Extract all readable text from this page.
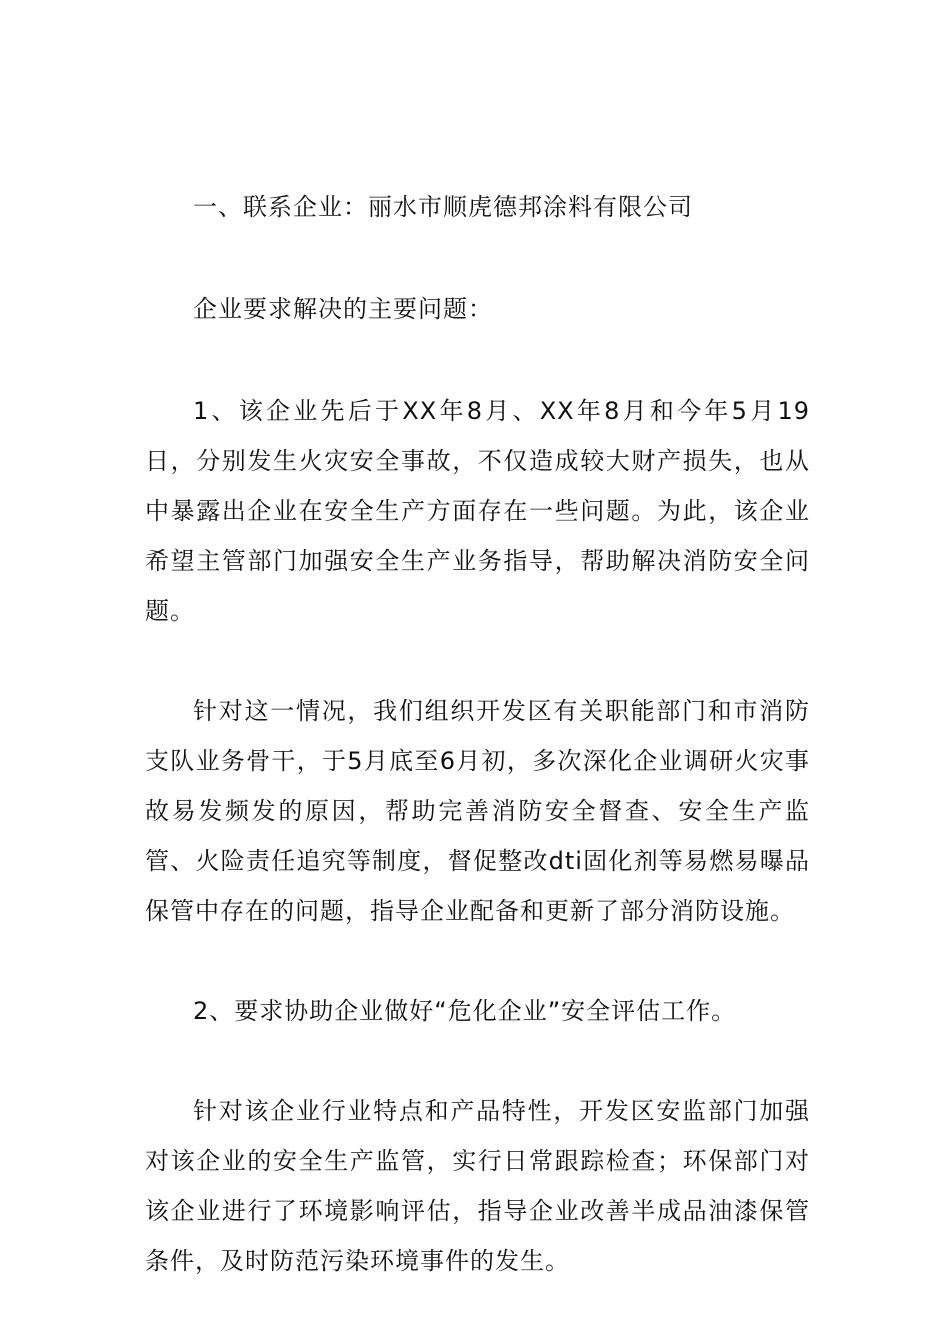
一、联系企业：丽水市顺虎德邦涂料有限公司

企业要求解决的主要问题：

1、该企业先后于XX年8月、XX年8月和今年5月19日，分别发生火灾安全事故，不仅造成较大财产损失，也从中暴露出企业在安全生产方面存在一些问题。为此，该企业希望主管部门加强安全生产业务指导，帮助解决消防安全问题。

针对这一情况，我们组织开发区有关职能部门和市消防支队业务骨干，于5月底至6月初，多次深化企业调研火灾事故易发频发的原因，帮助完善消防安全督查、安全生产监管、火险责任追究等制度，督促整改dti固化剂等易燃易曝品保管中存在的问题，指导企业配备和更新了部分消防设施。

2、要求协助企业做好“危化企业”安全评估工作。

针对该企业行业特点和产品特性，开发区安监部门加强对该企业的安全生产监管，实行日常跟踪检查；环保部门对该企业进行了环境影响评估，指导企业改善半成品油漆保管条件，及时防范污染环境事件的发生。
